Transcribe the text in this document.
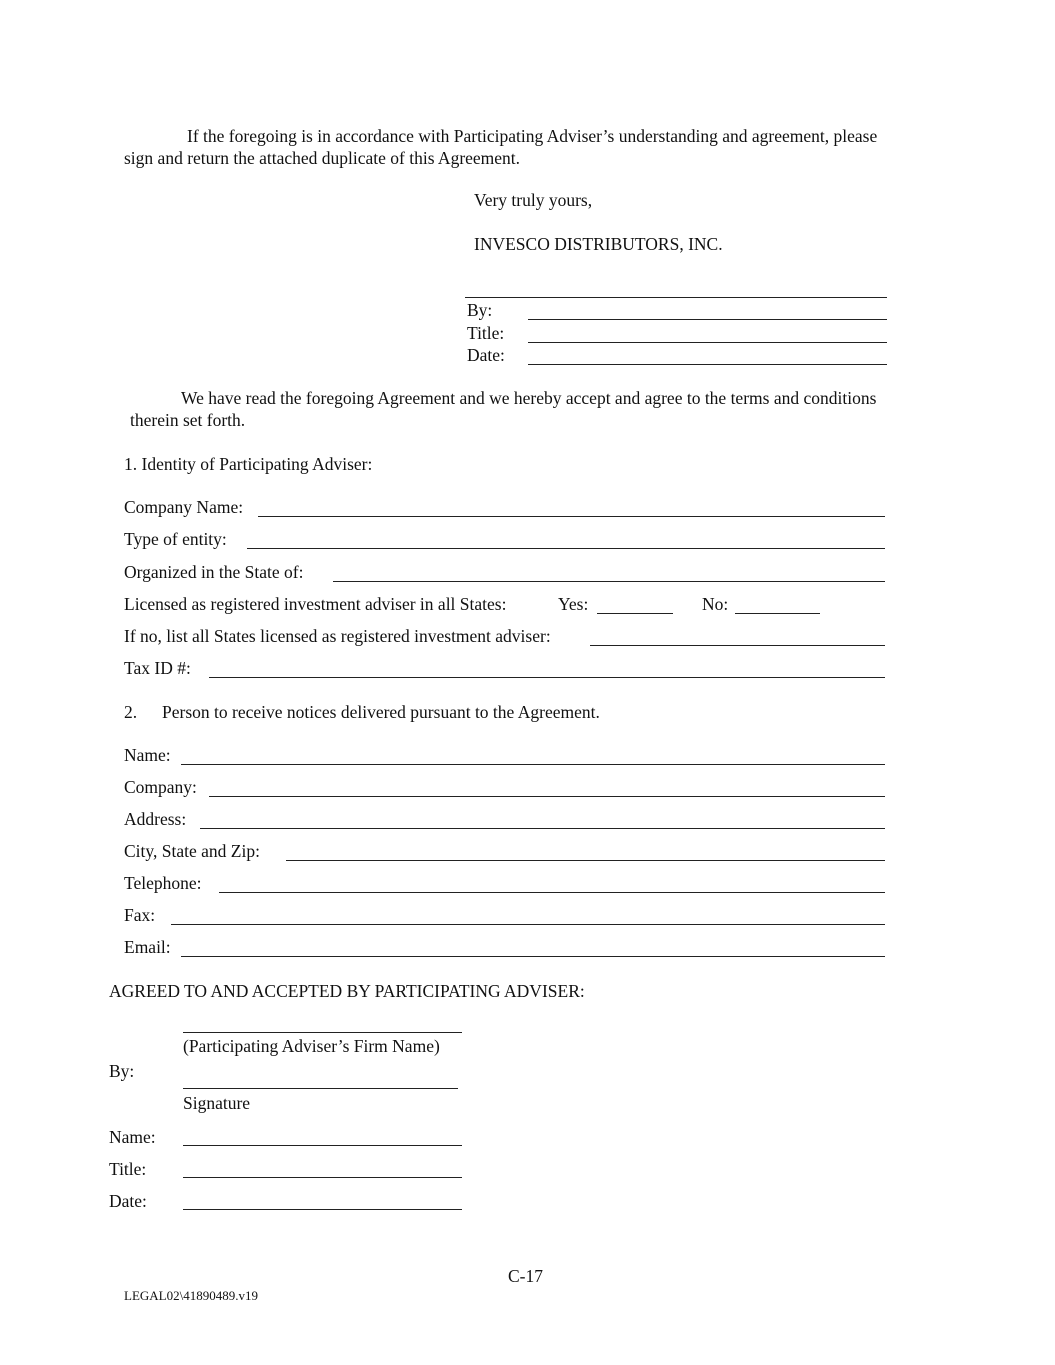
If the foregoing is in accordance with Participating Adviser’s understanding and agreement, please
sign and return the attached duplicate of this Agreement.
Very truly yours,
INVESCO DISTRIBUTORS, INC.
By:
Title:
Date:
We have read the foregoing Agreement and we hereby accept and agree to the terms and conditions
therein set forth.
1. Identity of Participating Adviser:
Company Name:
Type of entity:
Organized in the State of:
Licensed as registered investment adviser in all States:	Yes:	No:
If no, list all States licensed as registered investment adviser:
Tax ID #:
2. Person to receive notices delivered pursuant to the Agreement.
Name:
Company:
Address:
City, State and Zip:
Telephone:
Fax:
Email:
AGREED TO AND ACCEPTED BY PARTICIPATING ADVISER:
(Participating Adviser’s Firm Name)
By:
Signature
Name:
Title:
Date:
C-17
LEGAL02\41890489.v19
